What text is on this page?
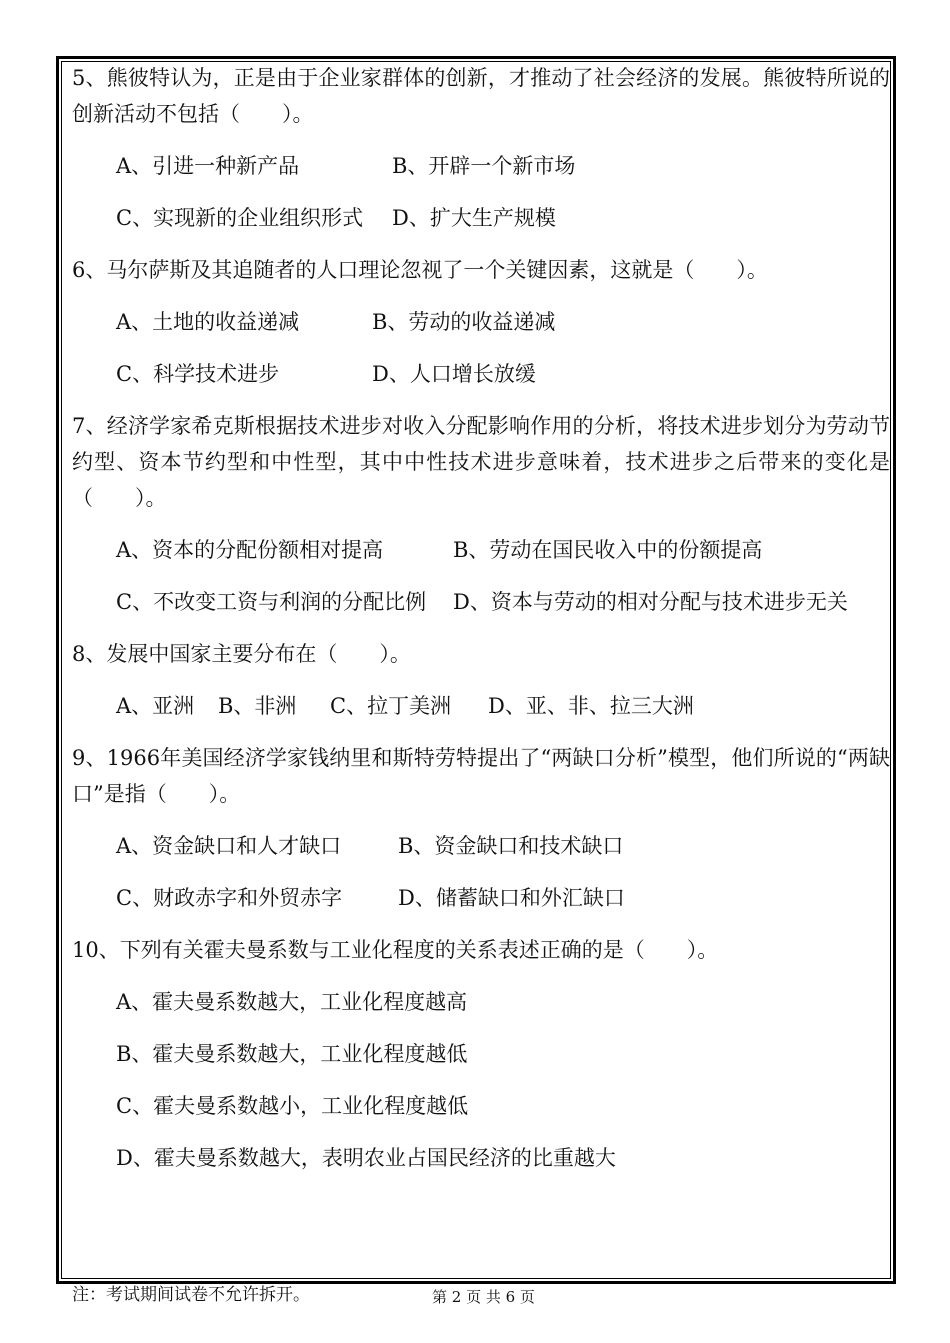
5、熊彼特认为，正是由于企业家群体的创新，才推动了社会经济的发展。熊彼特所说的创新活动不包括（　　）。
A、引进一种新产品	B、开辟一个新市场
C、实现新的企业组织形式	D、扩大生产规模
6、马尔萨斯及其追随者的人口理论忽视了一个关键因素，这就是（　　）。
A、土地的收益递减	B、劳动的收益递减
C、科学技术进步	D、人口增长放缓
7、经济学家希克斯根据技术进步对收入分配影响作用的分析，将技术进步划分为劳动节约型、资本节约型和中性型，其中中性技术进步意味着，技术进步之后带来的变化是（　　）。
A、资本的分配份额相对提高	B、劳动在国民收入中的份额提高
C、不改变工资与利润的分配比例	D、资本与劳动的相对分配与技术进步无关
8、发展中国家主要分布在（　　）。
A、亚洲	B、非洲	C、拉丁美洲	D、亚、非、拉三大洲
9、1966年美国经济学家钱纳里和斯特劳特提出了“两缺口分析”模型，他们所说的“两缺口”是指（　　）。
A、资金缺口和人才缺口	B、资金缺口和技术缺口
C、财政赤字和外贸赤字	D、储蓄缺口和外汇缺口
10、下列有关霍夫曼系数与工业化程度的关系表述正确的是（　　）。
A、霍夫曼系数越大，工业化程度越高
B、霍夫曼系数越大，工业化程度越低
C、霍夫曼系数越小，工业化程度越低
D、霍夫曼系数越大，表明农业占国民经济的比重越大
注：考试期间试卷不允许拆开。	第 2 页 共 6 页
